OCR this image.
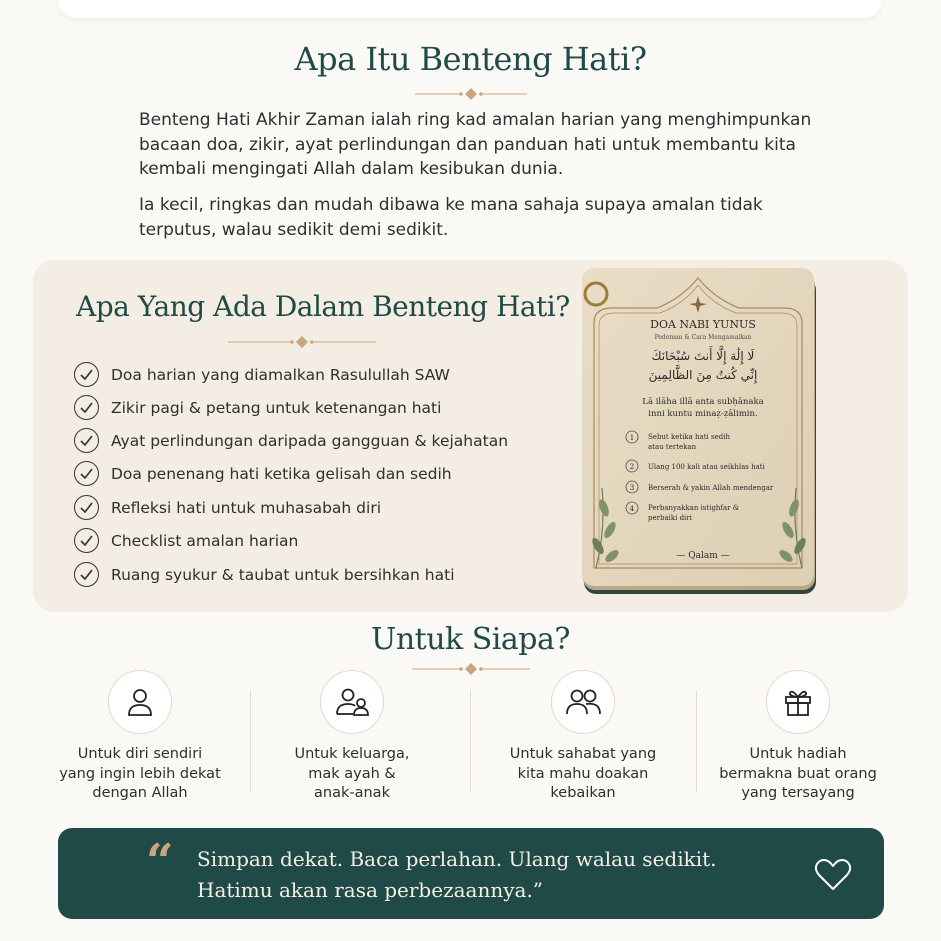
Apa Itu Benteng Hati?
Benteng Hati Akhir Zaman ialah ring kad amalan harian yang menghimpunkan
bacaan doa, zikir, ayat perlindungan dan panduan hati untuk membantu kita
kembali mengingati Allah dalam kesibukan dunia.
Ia kecil, ringkas dan mudah dibawa ke mana sahaja supaya amalan tidak
terputus, walau sedikit demi sedikit.
Apa Yang Ada Dalam Benteng Hati?
Doa harian yang diamalkan Rasulullah SAW
Zikir pagi & petang untuk ketenangan hati
Ayat perlindungan daripada gangguan & kejahatan
Doa penenang hati ketika gelisah dan sedih
Refleksi hati untuk muhasabah diri
Checklist amalan harian
Ruang syukur & taubat untuk bersihkan hati
DOA NABI YUNUS
Pedoman & Cara Mengamalkan
لَا إِلَٰهَ إِلَّا أَنتَ سُبْحَانَكَ
إِنِّي كُنتُ مِنَ الظَّالِمِينَ
Lā ilāha illā anta subḥānaka
inni kuntu minaẓ-ẓālimin.
1 Sebut ketika hati sedih
atau tertekan
2 Ulang 100 kali atau seikhlas hati
3 Berserah & yakin Allah mendengar
4 Perbanyakkan istighfar &
perbaiki diri
— Qalam —
Untuk Siapa?
Untuk diri sendiri
yang ingin lebih dekat
dengan Allah
Untuk keluarga,
mak ayah &
anak-anak
Untuk sahabat yang
kita mahu doakan
kebaikan
Untuk hadiah
bermakna buat orang
yang tersayang
“ Simpan dekat. Baca perlahan. Ulang walau sedikit.
Hatimu akan rasa perbezaannya.”
